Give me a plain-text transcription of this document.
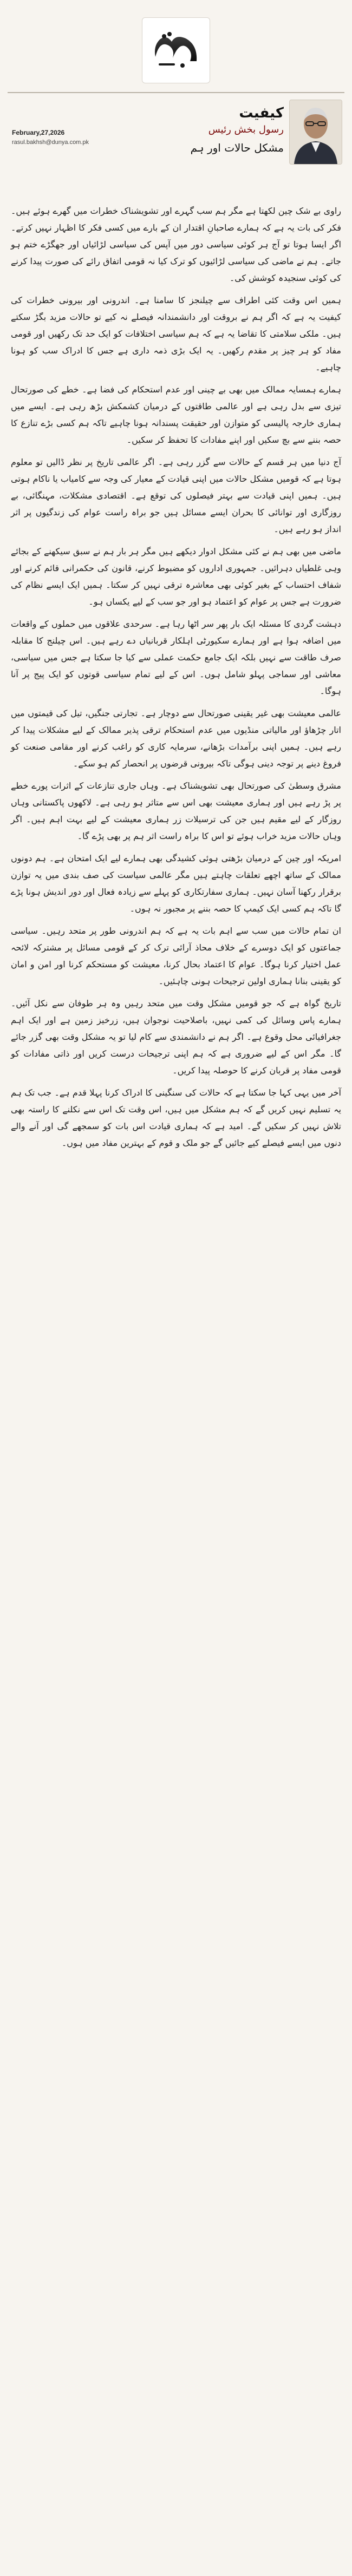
February,27,2026
rasul.bakhsh@dunya.com.pk
کیفیت
رسول بخش رئیس
مشکل حالات اور ہم

راوی بے شک چین لکھتا ہے مگر ہم سب گہرے اور تشویشناک خطرات میں گھرے ہوئے ہیں۔ فکر کی بات یہ ہے کہ ہمارے صاحبانِ اقتدار ان کے بارے میں کسی فکر کا اظہار نہیں کرتے۔ اگر ایسا ہوتا تو آج ہر کوئی سیاسی دور میں آپس کی سیاسی لڑائیاں اور جھگڑے ختم ہو جاتے۔ ہم نے ماضی کی سیاسی لڑائیوں کو ترک کیا نہ قومی اتفاق رائے کی صورت پیدا کرنے کی کوئی سنجیدہ کوشش کی۔

ہمیں اس وقت کئی اطراف سے چیلنجز کا سامنا ہے۔ اندرونی اور بیرونی خطرات کی کیفیت یہ ہے کہ اگر ہم نے بروقت اور دانشمندانہ فیصلے نہ کیے تو حالات مزید بگڑ سکتے ہیں۔ ملکی سلامتی کا تقاضا یہ ہے کہ ہم سیاسی اختلافات کو ایک حد تک رکھیں اور قومی مفاد کو ہر چیز پر مقدم رکھیں۔ یہ ایک بڑی ذمہ داری ہے جس کا ادراک سب کو ہونا چاہیے۔

ہمارے ہمسایہ ممالک میں بھی بے چینی اور عدم استحکام کی فضا ہے۔ خطے کی صورتحال تیزی سے بدل رہی ہے اور عالمی طاقتوں کے درمیان کشمکش بڑھ رہی ہے۔ ایسے میں ہماری خارجہ پالیسی کو متوازن اور حقیقت پسندانہ ہونا چاہیے تاکہ ہم کسی بڑے تنازع کا حصہ بننے سے بچ سکیں اور اپنے مفادات کا تحفظ کر سکیں۔

آج دنیا میں ہر قسم کے حالات سے گزر رہی ہے۔ اگر عالمی تاریخ پر نظر ڈالیں تو معلوم ہوتا ہے کہ قومیں مشکل حالات میں اپنی قیادت کے معیار کی وجہ سے کامیاب یا ناکام ہوتی ہیں۔ ہمیں اپنی قیادت سے بہتر فیصلوں کی توقع ہے۔ اقتصادی مشکلات، مہنگائی، بے روزگاری اور توانائی کا بحران ایسے مسائل ہیں جو براہ راست عوام کی زندگیوں پر اثر انداز ہو رہے ہیں۔

ماضی میں بھی ہم نے کئی مشکل ادوار دیکھے ہیں مگر ہر بار ہم نے سبق سیکھنے کے بجائے وہی غلطیاں دہرائیں۔ جمہوری اداروں کو مضبوط کرنے، قانون کی حکمرانی قائم کرنے اور شفاف احتساب کے بغیر کوئی بھی معاشرہ ترقی نہیں کر سکتا۔ ہمیں ایک ایسے نظام کی ضرورت ہے جس پر عوام کو اعتماد ہو اور جو سب کے لیے یکساں ہو۔

دہشت گردی کا مسئلہ ایک بار پھر سر اٹھا رہا ہے۔ سرحدی علاقوں میں حملوں کے واقعات میں اضافہ ہوا ہے اور ہمارے سکیورٹی اہلکار قربانیاں دے رہے ہیں۔ اس چیلنج کا مقابلہ صرف طاقت سے نہیں بلکہ ایک جامع حکمت عملی سے کیا جا سکتا ہے جس میں سیاسی، معاشی اور سماجی پہلو شامل ہوں۔ اس کے لیے تمام سیاسی قوتوں کو ایک پیج پر آنا ہوگا۔

عالمی معیشت بھی غیر یقینی صورتحال سے دوچار ہے۔ تجارتی جنگیں، تیل کی قیمتوں میں اتار چڑھاؤ اور مالیاتی منڈیوں میں عدم استحکام ترقی پذیر ممالک کے لیے مشکلات پیدا کر رہے ہیں۔ ہمیں اپنی برآمدات بڑھانے، سرمایہ کاری کو راغب کرنے اور مقامی صنعت کو فروغ دینے پر توجہ دینی ہوگی تاکہ بیرونی قرضوں پر انحصار کم ہو سکے۔

مشرق وسطیٰ کی صورتحال بھی تشویشناک ہے۔ وہاں جاری تنازعات کے اثرات پورے خطے پر پڑ رہے ہیں اور ہماری معیشت بھی اس سے متاثر ہو رہی ہے۔ لاکھوں پاکستانی وہاں روزگار کے لیے مقیم ہیں جن کی ترسیلات زر ہماری معیشت کے لیے بہت اہم ہیں۔ اگر وہاں حالات مزید خراب ہوئے تو اس کا براہ راست اثر ہم پر بھی پڑے گا۔

امریکہ اور چین کے درمیان بڑھتی ہوئی کشیدگی بھی ہمارے لیے ایک امتحان ہے۔ ہم دونوں ممالک کے ساتھ اچھے تعلقات چاہتے ہیں مگر عالمی سیاست کی صف بندی میں یہ توازن برقرار رکھنا آسان نہیں۔ ہماری سفارتکاری کو پہلے سے زیادہ فعال اور دور اندیش ہونا پڑے گا تاکہ ہم کسی ایک کیمپ کا حصہ بننے پر مجبور نہ ہوں۔

ان تمام حالات میں سب سے اہم بات یہ ہے کہ ہم اندرونی طور پر متحد رہیں۔ سیاسی جماعتوں کو ایک دوسرے کے خلاف محاذ آرائی ترک کر کے قومی مسائل پر مشترکہ لائحہ عمل اختیار کرنا ہوگا۔ عوام کا اعتماد بحال کرنا، معیشت کو مستحکم کرنا اور امن و امان کو یقینی بنانا ہماری اولین ترجیحات ہونی چاہئیں۔

تاریخ گواہ ہے کہ جو قومیں مشکل وقت میں متحد رہیں وہ ہر طوفان سے نکل آئیں۔ ہمارے پاس وسائل کی کمی نہیں، باصلاحیت نوجوان ہیں، زرخیز زمین ہے اور ایک اہم جغرافیائی محل وقوع ہے۔ اگر ہم نے دانشمندی سے کام لیا تو یہ مشکل وقت بھی گزر جائے گا۔ مگر اس کے لیے ضروری ہے کہ ہم اپنی ترجیحات درست کریں اور ذاتی مفادات کو قومی مفاد پر قربان کرنے کا حوصلہ پیدا کریں۔

آخر میں یہی کہا جا سکتا ہے کہ حالات کی سنگینی کا ادراک کرنا پہلا قدم ہے۔ جب تک ہم یہ تسلیم نہیں کریں گے کہ ہم مشکل میں ہیں، اس وقت تک اس سے نکلنے کا راستہ بھی تلاش نہیں کر سکیں گے۔ امید ہے کہ ہماری قیادت اس بات کو سمجھے گی اور آنے والے دنوں میں ایسے فیصلے کیے جائیں گے جو ملک و قوم کے بہترین مفاد میں ہوں۔
